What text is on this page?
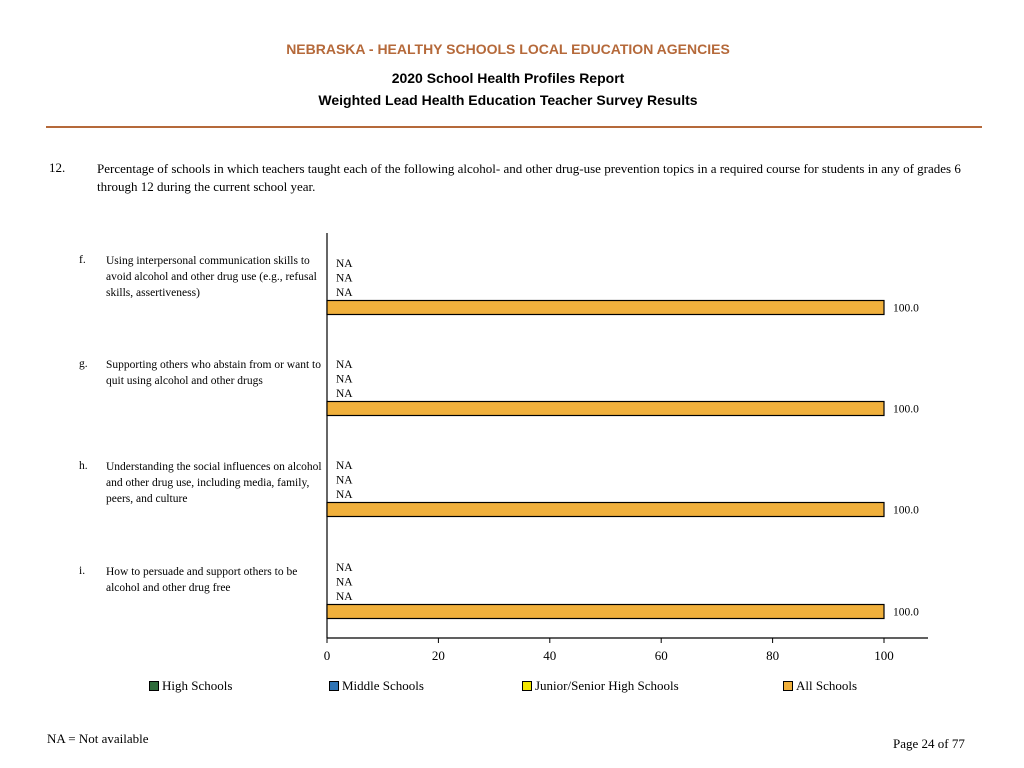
NEBRASKA - HEALTHY SCHOOLS LOCAL EDUCATION AGENCIES
2020 School Health Profiles Report
Weighted Lead Health Education Teacher Survey Results
12. Percentage of schools in which teachers taught each of the following alcohol- and other drug-use prevention topics in a required course for students in any of grades 6 through 12 during the current school year.
f. Using interpersonal communication skills to avoid alcohol and other drug use (e.g., refusal skills, assertiveness)
g. Supporting others who abstain from or want to quit using alcohol and other drugs
h. Understanding the social influences on alcohol and other drug use, including media, family, peers, and culture
i. How to persuade and support others to be alcohol and other drug free
0	20	40	60	80	100
NA
NA
NA
100.0
NA
NA
NA
100.0
NA
NA
NA
100.0
NA
NA
NA
100.0
High Schools	Middle Schools	Junior/Senior High Schools	All Schools
NA = Not available	Page 24 of 77
